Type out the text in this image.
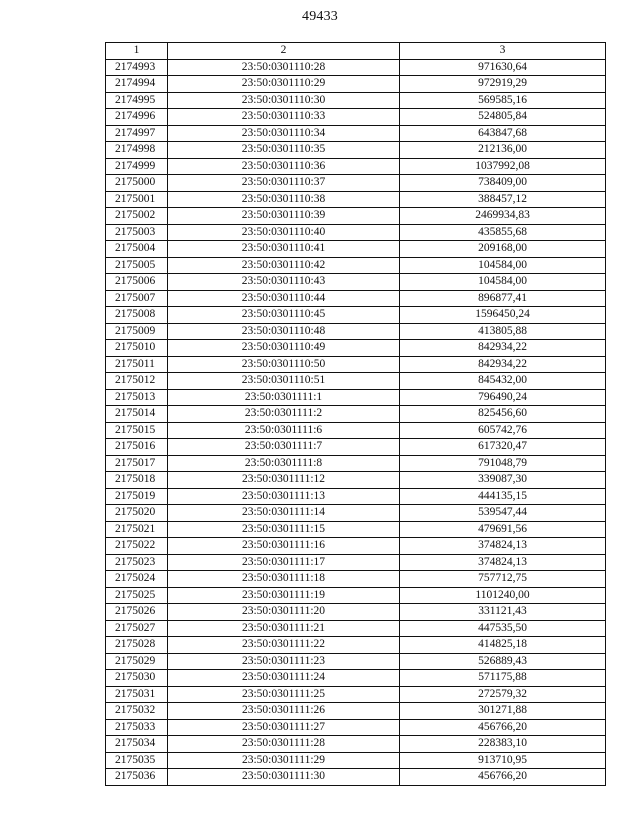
49433
1	2	3
2174993	23:50:0301110:28	971630,64
2174994	23:50:0301110:29	972919,29
2174995	23:50:0301110:30	569585,16
2174996	23:50:0301110:33	524805,84
2174997	23:50:0301110:34	643847,68
2174998	23:50:0301110:35	212136,00
2174999	23:50:0301110:36	1037992,08
2175000	23:50:0301110:37	738409,00
2175001	23:50:0301110:38	388457,12
2175002	23:50:0301110:39	2469934,83
2175003	23:50:0301110:40	435855,68
2175004	23:50:0301110:41	209168,00
2175005	23:50:0301110:42	104584,00
2175006	23:50:0301110:43	104584,00
2175007	23:50:0301110:44	896877,41
2175008	23:50:0301110:45	1596450,24
2175009	23:50:0301110:48	413805,88
2175010	23:50:0301110:49	842934,22
2175011	23:50:0301110:50	842934,22
2175012	23:50:0301110:51	845432,00
2175013	23:50:0301111:1	796490,24
2175014	23:50:0301111:2	825456,60
2175015	23:50:0301111:6	605742,76
2175016	23:50:0301111:7	617320,47
2175017	23:50:0301111:8	791048,79
2175018	23:50:0301111:12	339087,30
2175019	23:50:0301111:13	444135,15
2175020	23:50:0301111:14	539547,44
2175021	23:50:0301111:15	479691,56
2175022	23:50:0301111:16	374824,13
2175023	23:50:0301111:17	374824,13
2175024	23:50:0301111:18	757712,75
2175025	23:50:0301111:19	1101240,00
2175026	23:50:0301111:20	331121,43
2175027	23:50:0301111:21	447535,50
2175028	23:50:0301111:22	414825,18
2175029	23:50:0301111:23	526889,43
2175030	23:50:0301111:24	571175,88
2175031	23:50:0301111:25	272579,32
2175032	23:50:0301111:26	301271,88
2175033	23:50:0301111:27	456766,20
2175034	23:50:0301111:28	228383,10
2175035	23:50:0301111:29	913710,95
2175036	23:50:0301111:30	456766,20
